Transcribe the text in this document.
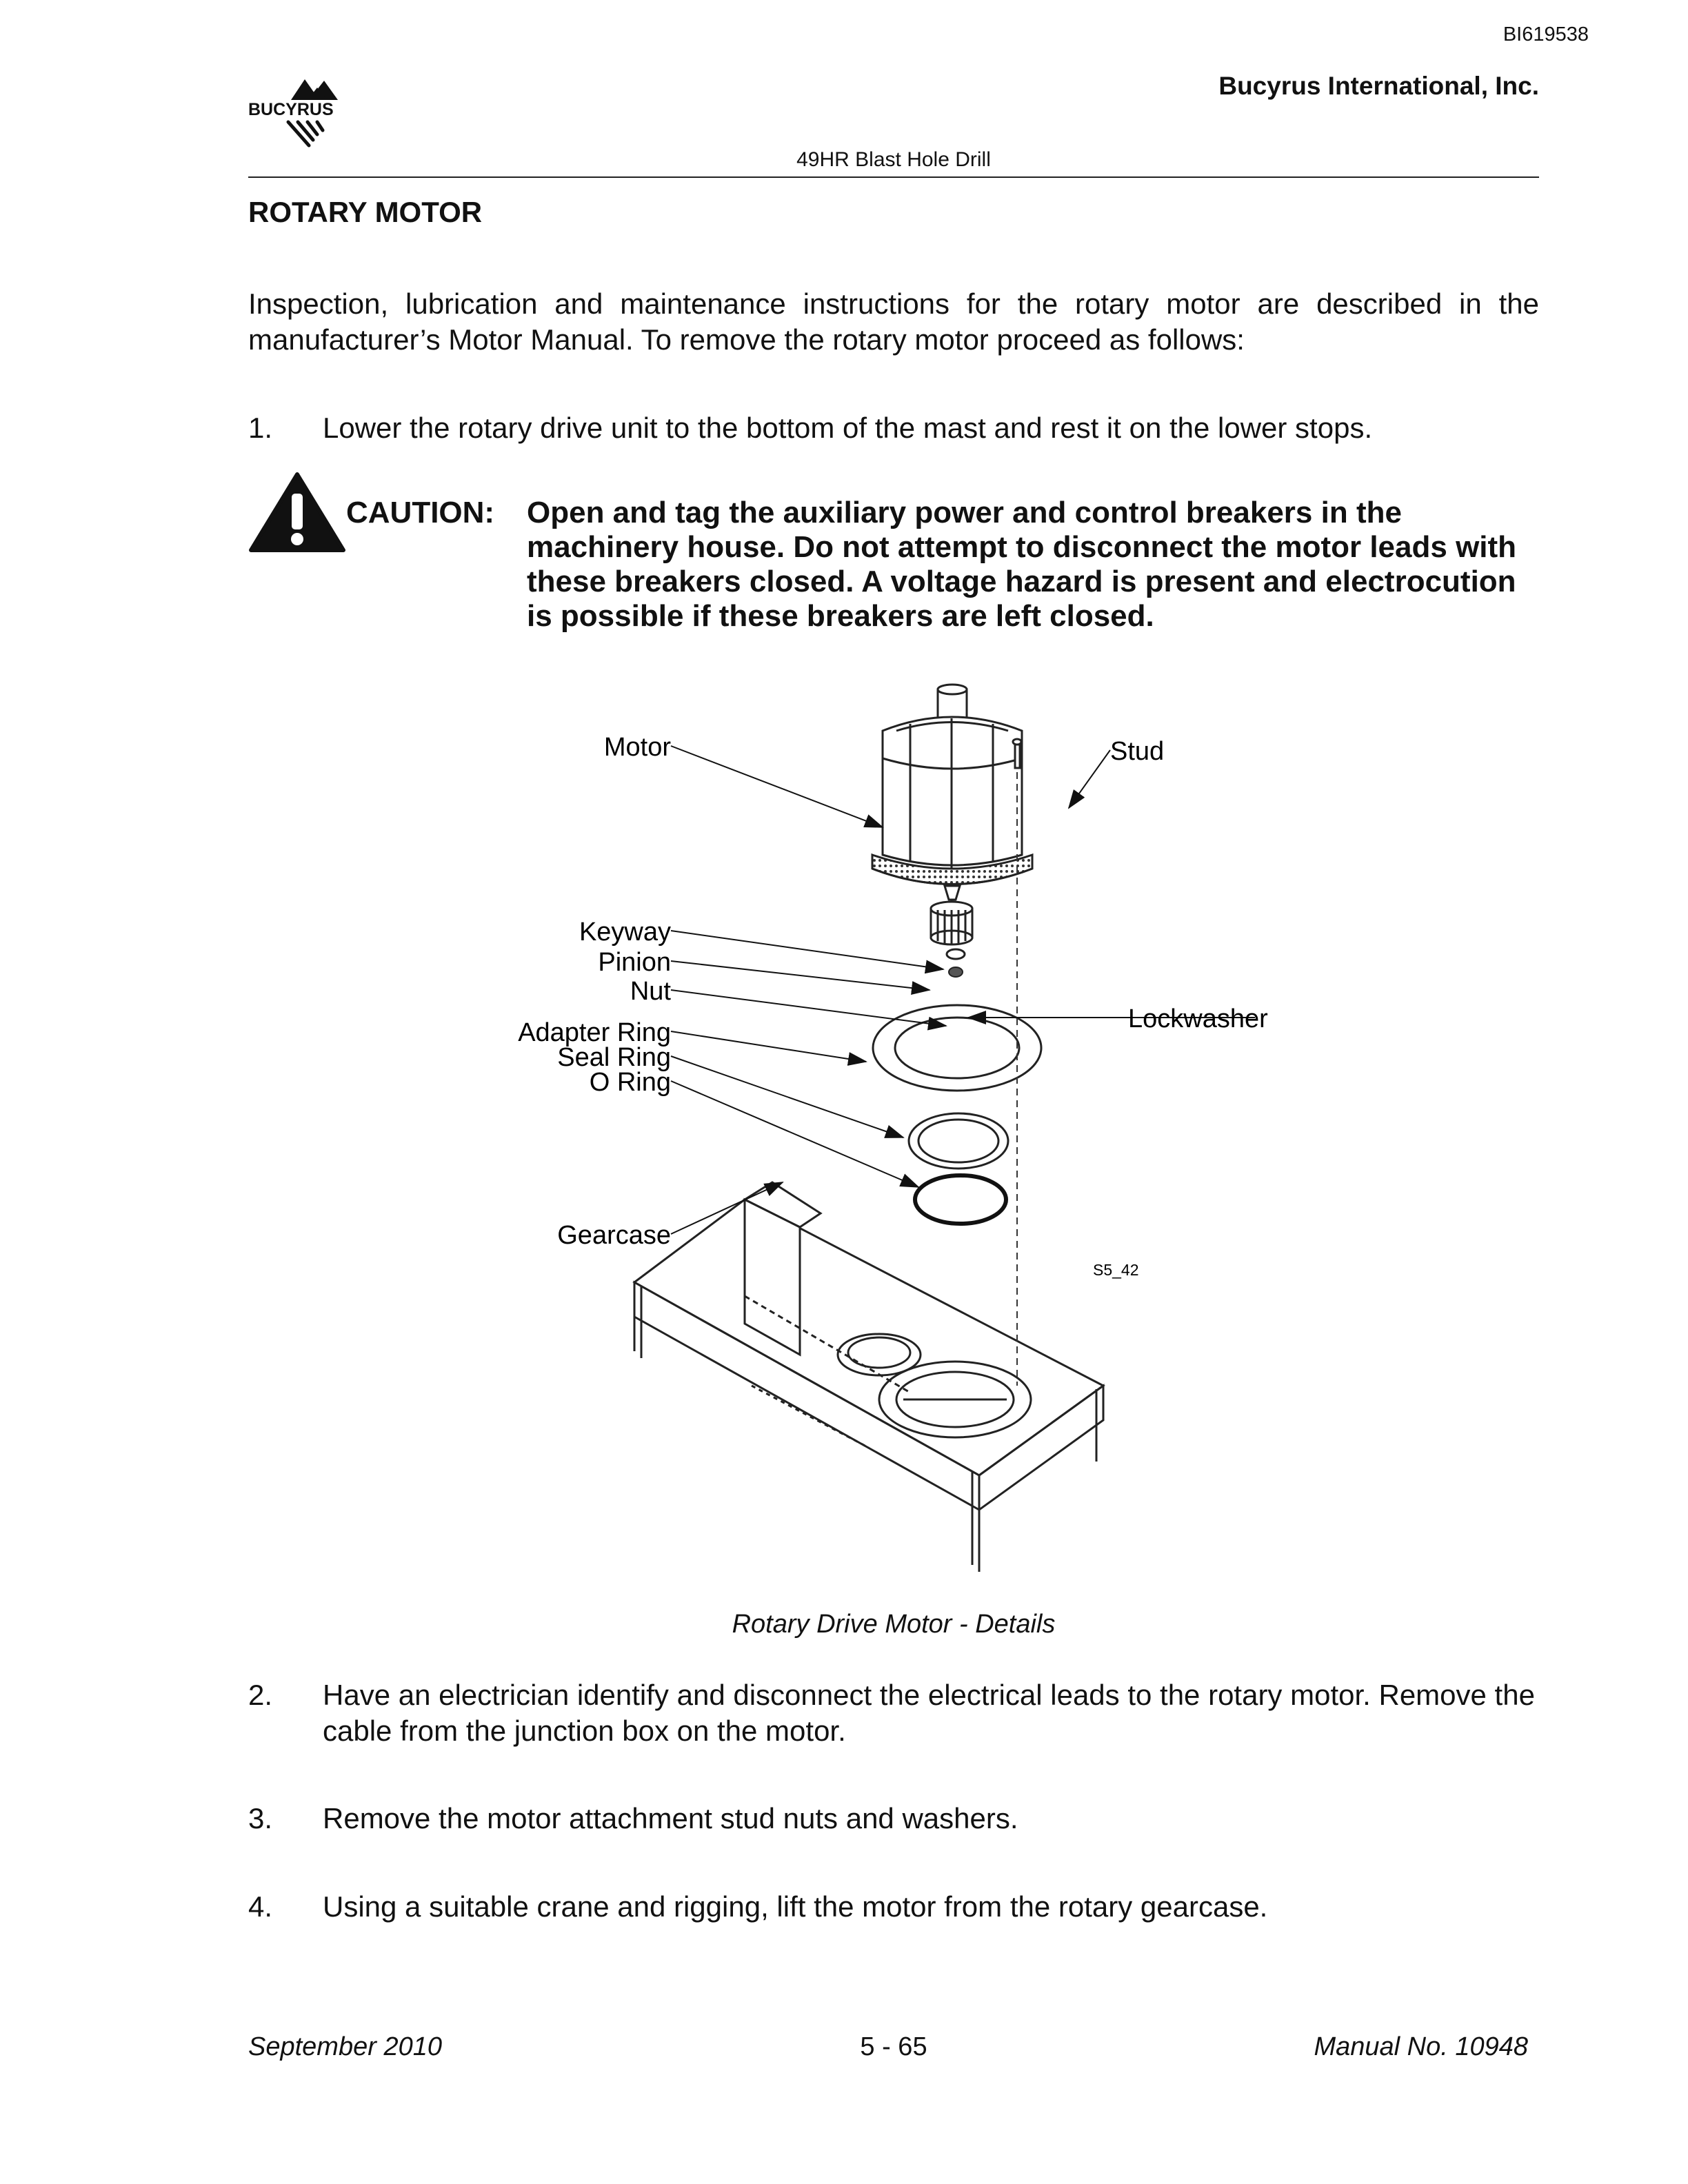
BI619538
BUCYRUS
Bucyrus International, Inc.
49HR Blast Hole Drill
ROTARY MOTOR
Inspection, lubrication and maintenance instructions for the rotary motor are described in the manufacturer’s Motor Manual. To remove the rotary motor proceed as follows:
1. Lower the rotary drive unit to the bottom of the mast and rest it on the lower stops.
CAUTION: Open and tag the auxiliary power and control breakers in the machinery house. Do not attempt to disconnect the motor leads with these breakers closed. A voltage hazard is present and electrocution is possible if these breakers are left closed.
Motor	Stud
Keyway
Pinion
Nut
Lockwasher
Adapter Ring
Seal Ring
O Ring
Gearcase
S5_42
Rotary Drive Motor - Details
2. Have an electrician identify and disconnect the electrical leads to the rotary motor. Remove the cable from the junction box on the motor.
3. Remove the motor attachment stud nuts and washers.
4. Using a suitable crane and rigging, lift the motor from the rotary gearcase.
September 2010	5 - 65	Manual No. 10948
